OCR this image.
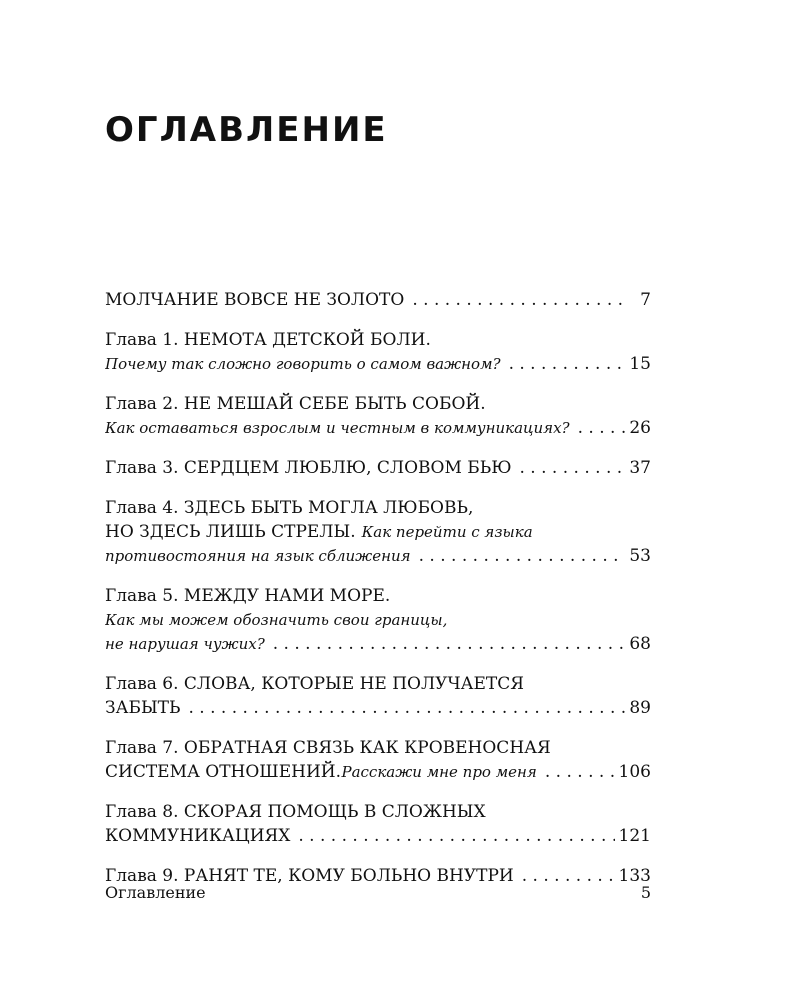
ОГЛАВЛЕНИЕ
МОЛЧАНИЕ ВОВСЕ НЕ ЗОЛОТО . . .	7
Глава 1. НЕМОТА ДЕТСКОЙ БОЛИ.
Почему так сложно говорить о самом важном? . . .	15
Глава 2. НЕ МЕШАЙ СЕБЕ БЫТЬ СОБОЙ.
Как оставаться взрослым и честным в коммуникациях? . . .	26
Глава 3. СЕРДЦЕМ ЛЮБЛЮ, СЛОВОМ БЬЮ . . .	37
Глава 4. ЗДЕСЬ БЫТЬ МОГЛА ЛЮБОВЬ,
НО ЗДЕСЬ ЛИШЬ СТРЕЛЫ. Как перейти с языка
противостояния на язык сближения . . .	53
Глава 5. МЕЖДУ НАМИ МОРЕ.
Как мы можем обозначить свои границы,
не нарушая чужих? . . .	68
Глава 6. СЛОВА, КОТОРЫЕ НЕ ПОЛУЧАЕТСЯ
ЗАБЫТЬ . . .	89
Глава 7. ОБРАТНАЯ СВЯЗЬ КАК КРОВЕНОСНАЯ
СИСТЕМА ОТНОШЕНИЙ. Расскажи мне про меня . . .	106
Глава 8. СКОРАЯ ПОМОЩЬ В СЛОЖНЫХ
КОММУНИКАЦИЯХ . . .	121
Глава 9. РАНЯТ ТЕ, КОМУ БОЛЬНО ВНУТРИ . . .	133
Оглавление	5
